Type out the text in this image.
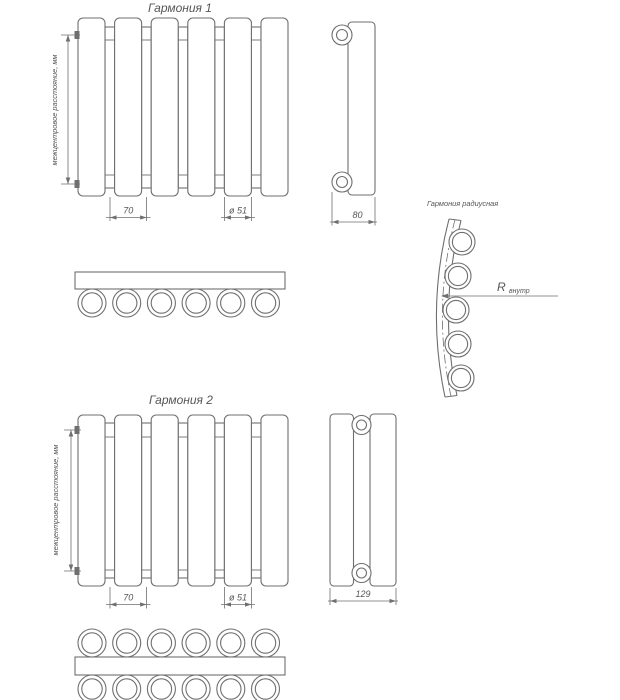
Гармония 1
межцентровое расстояние, мм
70	ø 51	80
Гармония радиусная
R внутр
Гармония 2
межцентровое расстояние, мм
70	ø 51	129
